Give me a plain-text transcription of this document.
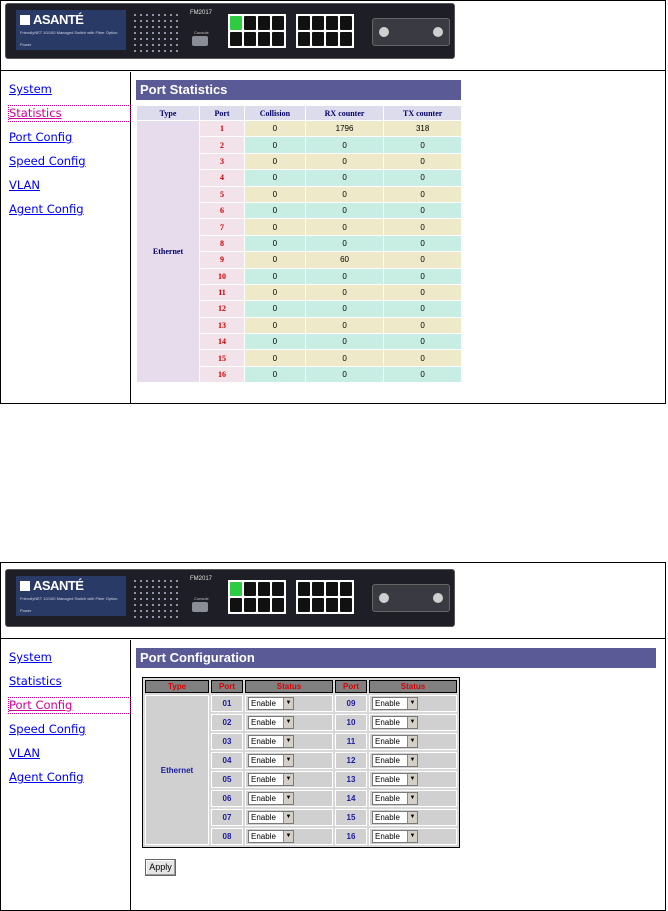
ASANTÉ
FriendlyNET 10/100 Managed Switch with Fiber Option
Power
FM2017
Console
System
Statistics
Port Config
Speed Config
VLAN
Agent Config
Port Statistics
Type	Port	Collision	RX counter	TX counter
Ethernet	1	0	1796	318
	2	0	0	0
	3	0	0	0
	4	0	0	0
	5	0	0	0
	6	0	0	0
	7	0	0	0
	8	0	0	0
	9	0	60	0
	10	0	0	0
	11	0	0	0
	12	0	0	0
	13	0	0	0
	14	0	0	0
	15	0	0	0
	16	0	0	0
ASANTÉ
FriendlyNET 10/100 Managed Switch with Fiber Option
Power
FM2017
Console
System
Statistics
Port Config
Speed Config
VLAN
Agent Config
Port Configuration
Type	Port	Status	Port	Status
Ethernet	01	Enable ▼	09	Enable ▼

	02	Enable ▼	10	Enable ▼

	03	Enable ▼	11	Enable ▼

	04	Enable ▼	12	Enable ▼

	05	Enable ▼	13	Enable ▼

	06	Enable ▼	14	Enable ▼

	07	Enable ▼	15	Enable ▼

	08	Enable ▼	16	Enable ▼
Apply
